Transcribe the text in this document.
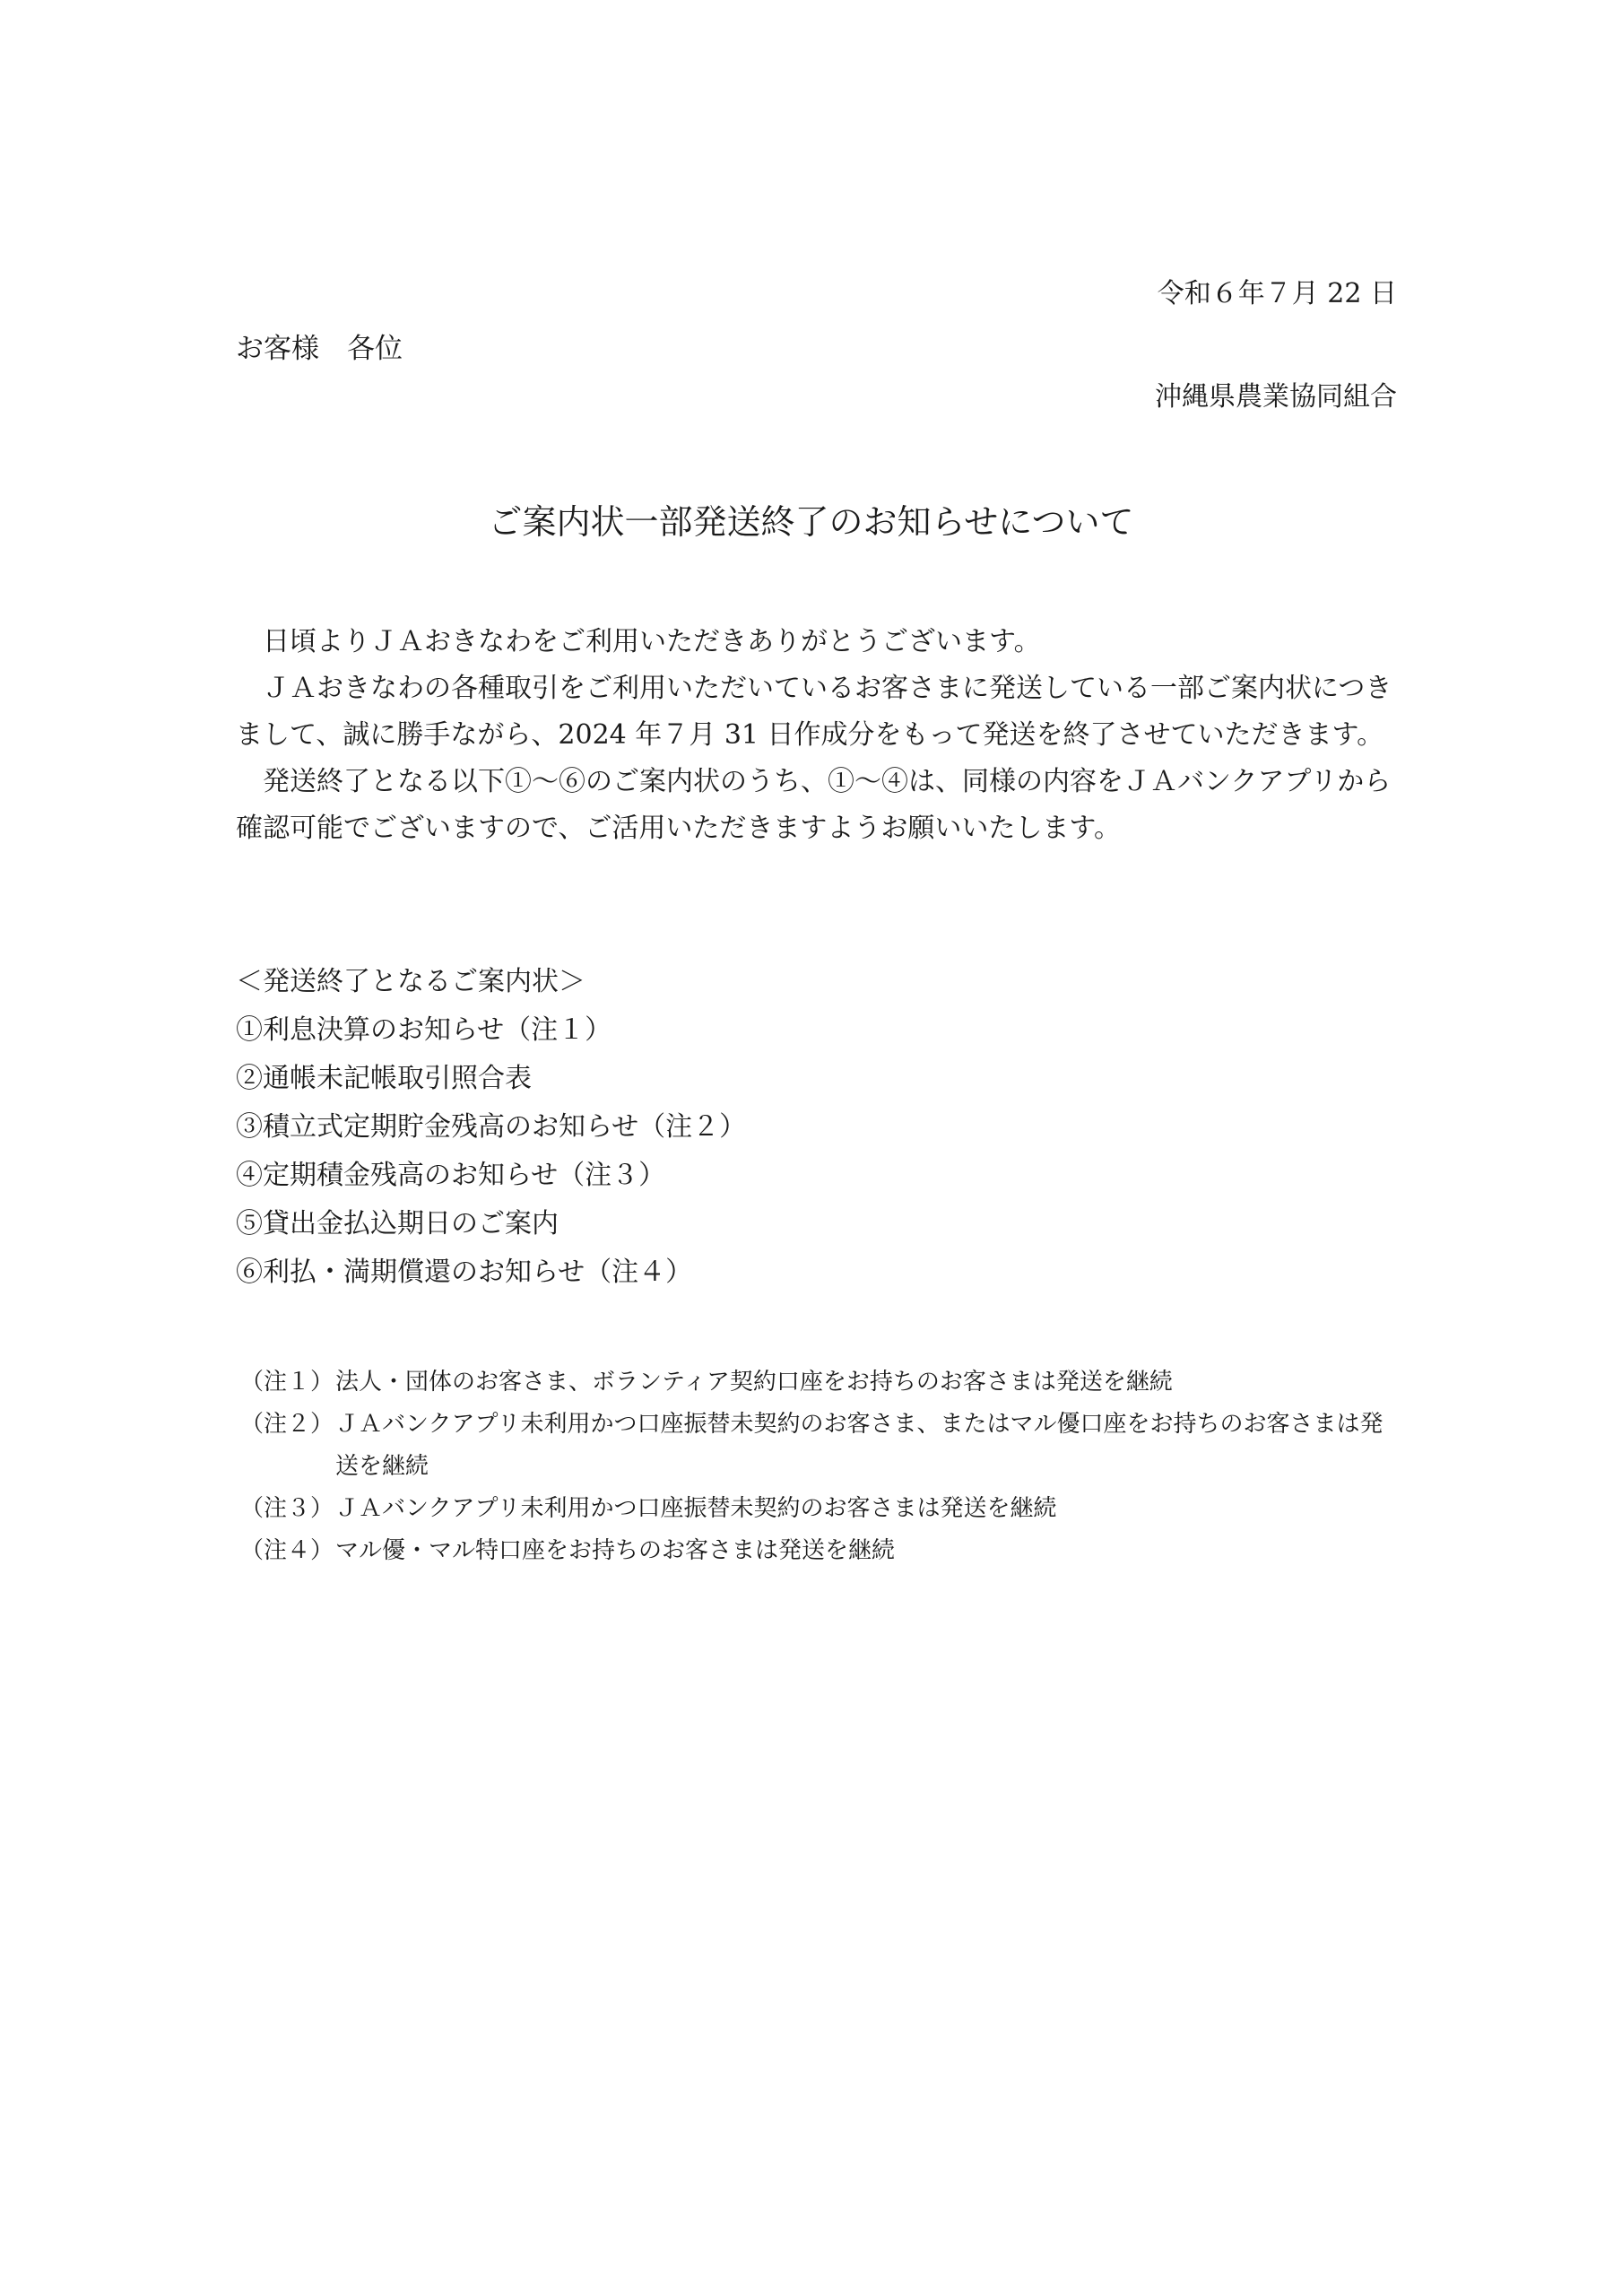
令和６年７月 22 日
お客様　各位
沖縄県農業協同組合
ご案内状一部発送終了のお知らせについて

日頃よりＪＡおきなわをご利用いただきありがとうございます。

ＪＡおきなわの各種取引をご利用いただいているお客さまに発送している一部ご案内状につきまして、誠に勝手ながら、2024 年７月 31 日作成分をもって発送を終了させていただきます。

発送終了となる以下①～⑥のご案内状のうち、①～④は、同様の内容をＪＡバンクアプリから確認可能でございますので、ご活用いただきますようお願いいたします。

＜発送終了となるご案内状＞
①利息決算のお知らせ（注１）
②通帳未記帳取引照合表
③積立式定期貯金残高のお知らせ（注２）
④定期積金残高のお知らせ（注３）
⑤貸出金払込期日のご案内
⑥利払・満期償還のお知らせ（注４）
（注１） 法人・団体のお客さま、ボランティア契約口座をお持ちのお客さまは発送を継続
（注２） ＪＡバンクアプリ未利用かつ口座振替未契約のお客さま、またはマル優口座をお持ちのお客さまは発送を継続
（注３） ＪＡバンクアプリ未利用かつ口座振替未契約のお客さまは発送を継続
（注４） マル優・マル特口座をお持ちのお客さまは発送を継続
